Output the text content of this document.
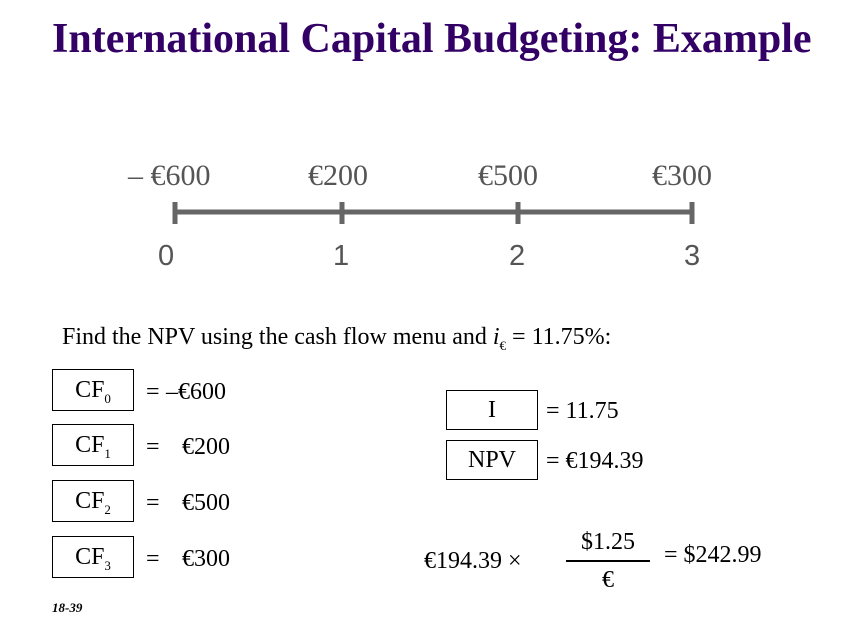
International Capital Budgeting: Example
– €600	€200	€500	€300
0	1	2	3
Find the NPV using the cash flow menu and $i_€ = 11.75\%$:
$CF_0$	= –€600
$CF_1$	= €200
$CF_2$	= €500
$CF_3$	= €300
I	= 11.75
NPV	= €194.39
€194.39 ×
$1.25
€
= $242.99
18-39
